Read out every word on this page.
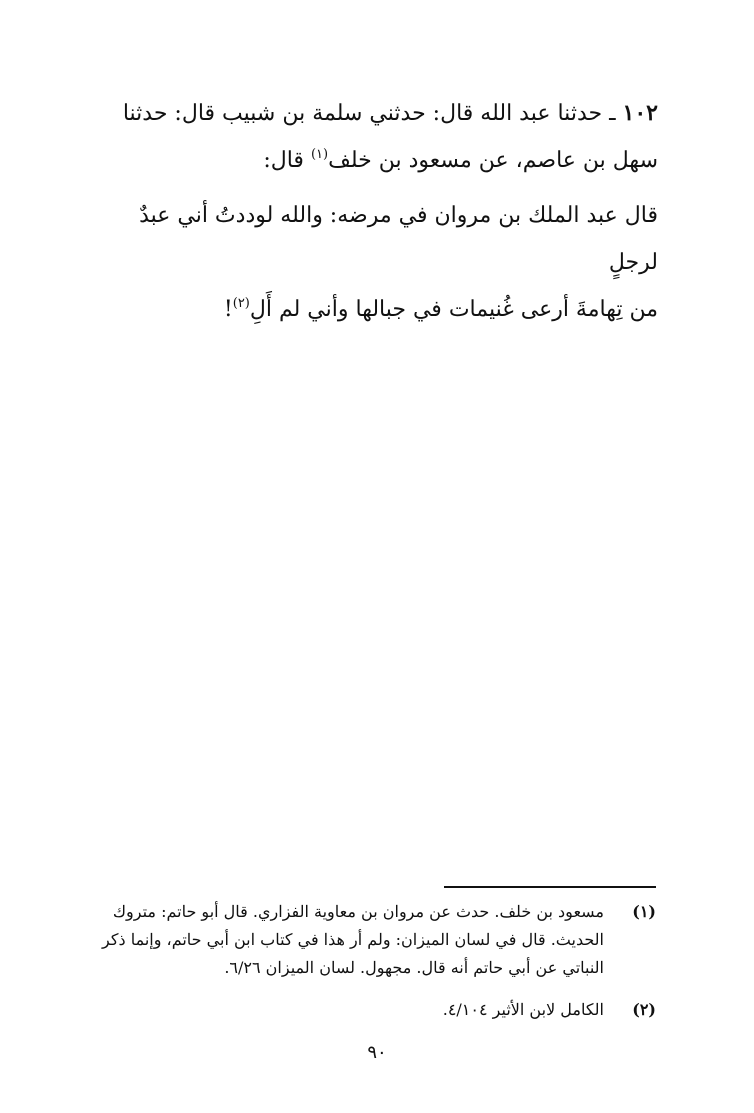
١٠٢ ـ حدثنا عبد الله قال: حدثني سلمة بن شبيب قال: حدثنا
سهل بن عاصم، عن مسعود بن خلف$^{(١)}$ قال:

قال عبد الملك بن مروان في مرضه: والله لوددتُ أني عبدٌ لرجلٍ
من تِهامةَ أرعى غُنيمات في جبالها وأني لم أَلِ$^{(٢)}$!

(١)
مسعود بن خلف. حدث عن مروان بن معاوية الفزاري. قال أبو حاتم: متروك الحديث. قال في لسان الميزان: ولم أر هذا في كتاب ابن أبي حاتم، وإنما ذكر النباتي عن أبي حاتم أنه قال. مجهول. لسان الميزان ٦/٢٦.

(٢)
الكامل لابن الأثير ٤/١٠٤.

٩٠
